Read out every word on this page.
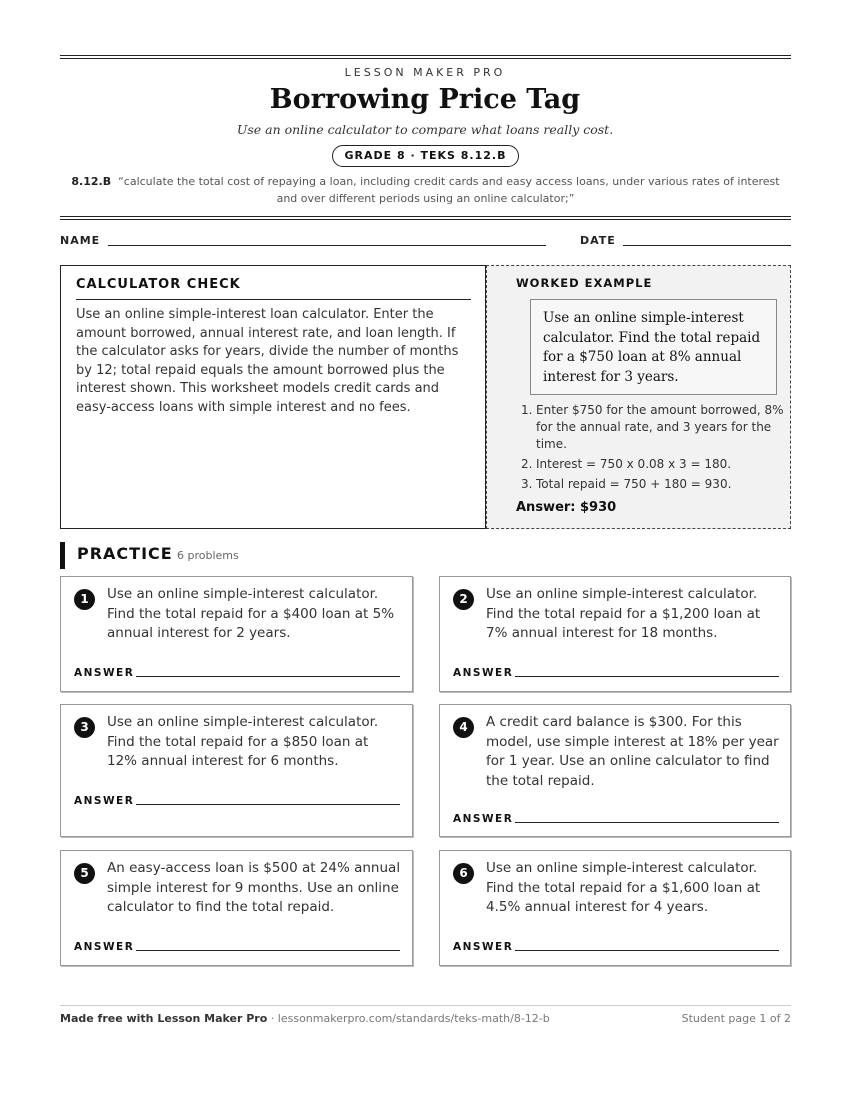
LESSON MAKER PRO
Borrowing Price Tag
Use an online calculator to compare what loans really cost.
GRADE 8 · TEKS 8.12.B
8.12.B “calculate the total cost of repaying a loan, including credit cards and easy access loans, under various rates of interest and over different periods using an online calculator;”
NAME	DATE
CALCULATOR CHECK
Use an online simple-interest loan calculator. Enter the amount borrowed, annual interest rate, and loan length. If the calculator asks for years, divide the number of months by 12; total repaid equals the amount borrowed plus the interest shown. This worksheet models credit cards and easy-access loans with simple interest and no fees.
WORKED EXAMPLE
Use an online simple-interest calculator. Find the total repaid for a $750 loan at 8% annual interest for 3 years.
1. Enter $750 for the amount borrowed, 8% for the annual rate, and 3 years for the time.
2. Interest = 750 x 0.08 x 3 = 180.
3. Total repaid = 750 + 180 = 930.
Answer: $930
PRACTICE 6 problems
1	Use an online simple-interest calculator. Find the total repaid for a $400 loan at 5% annual interest for 2 years.
ANSWER
2	Use an online simple-interest calculator. Find the total repaid for a $1,200 loan at 7% annual interest for 18 months.
ANSWER
3	Use an online simple-interest calculator. Find the total repaid for a $850 loan at 12% annual interest for 6 months.
ANSWER
4	A credit card balance is $300. For this model, use simple interest at 18% per year for 1 year. Use an online calculator to find the total repaid.
ANSWER
5	An easy-access loan is $500 at 24% annual simple interest for 9 months. Use an online calculator to find the total repaid.
ANSWER
6	Use an online simple-interest calculator. Find the total repaid for a $1,600 loan at 4.5% annual interest for 4 years.
ANSWER
Made free with Lesson Maker Pro · lessonmakerpro.com/standards/teks-math/8-12-b	Student page 1 of 2
